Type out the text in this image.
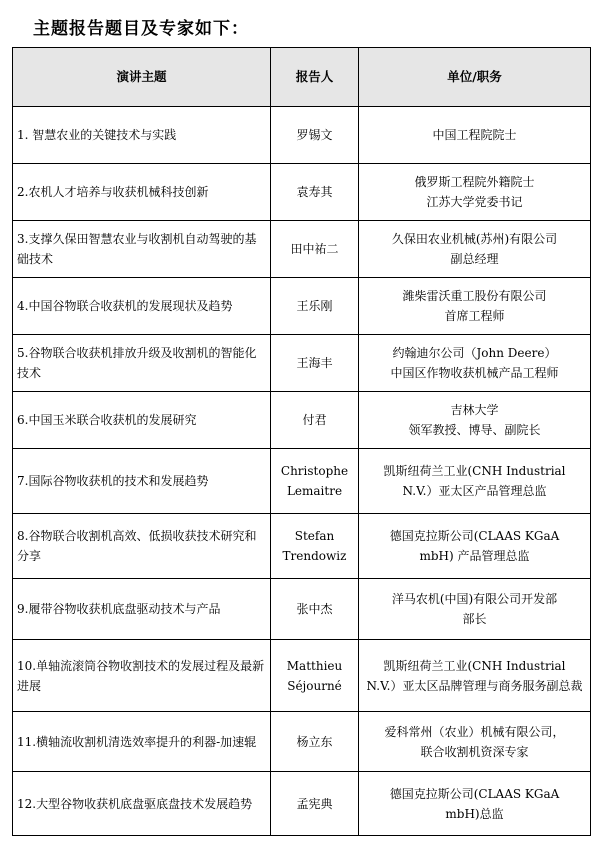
主题报告题目及专家如下：
演讲主题	报告人	单位/职务
1. 智慧农业的关键技术与实践	罗锡文	中国工程院院士
2.农机人才培养与收获机械科技创新	袁寿其	俄罗斯工程院外籍院士
江苏大学党委书记
3.支撑久保田智慧农业与收割机自动驾驶的基础技术	田中祐二	久保田农业机械(苏州)有限公司
副总经理
4.中国谷物联合收获机的发展现状及趋势	王乐刚	潍柴雷沃重工股份有限公司
首席工程师
5.谷物联合收获机排放升级及收割机的智能化技术	王海丰	约翰迪尔公司（John Deere）
中国区作物收获机械产品工程师
6.中国玉米联合收获机的发展研究	付君	吉林大学
领军教授、博导、副院长
7.国际谷物收获机的技术和发展趋势	Christophe
Lemaitre	凯斯纽荷兰工业(CNH Industrial
N.V.）亚太区产品管理总监
8.谷物联合收割机高效、低损收获技术研究和分享	Stefan
Trendowiz	德国克拉斯公司(CLAAS KGaA
mbH) 产品管理总监
9.履带谷物收获机底盘驱动技术与产品	张中杰	洋马农机(中国)有限公司开发部
部长
10.单轴流滚筒谷物收割技术的发展过程及最新进展	Matthieu
Séjourné	凯斯纽荷兰工业(CNH Industrial
N.V.）亚太区品牌管理与商务服务副总裁
11.横轴流收割机清选效率提升的利器-加速辊	杨立东	爱科常州（农业）机械有限公司，
联合收割机资深专家
12.大型谷物收获机底盘驱底盘技术发展趋势	孟宪典	德国克拉斯公司(CLAAS KGaA
mbH)总监
